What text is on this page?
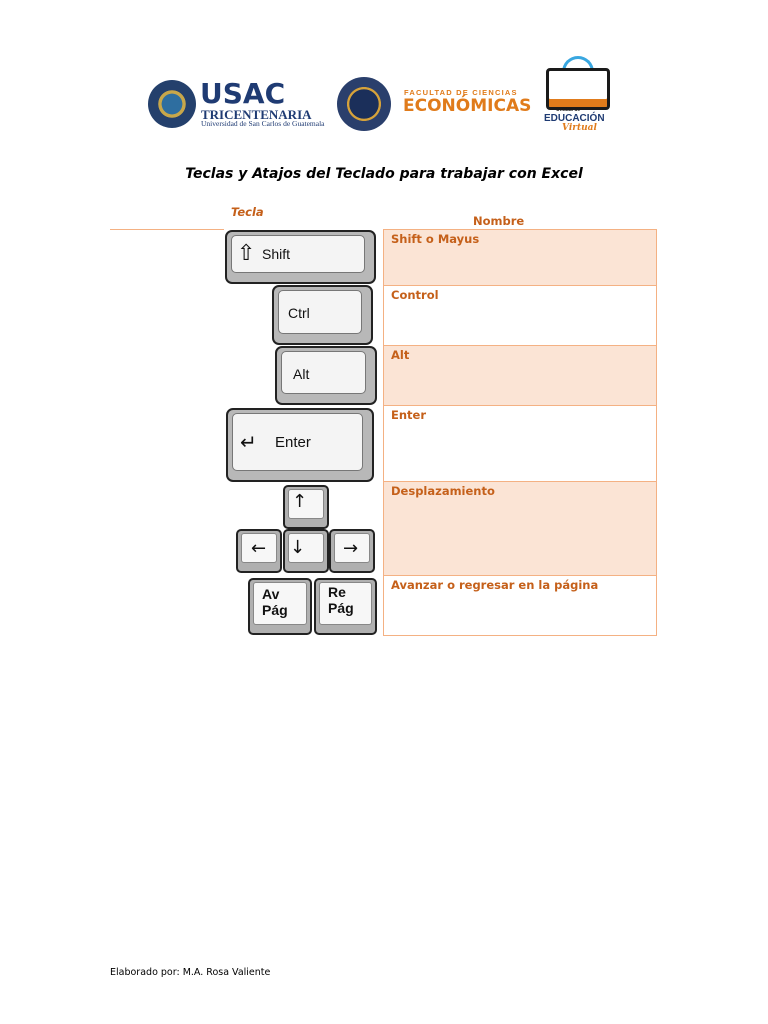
USAC
TRICENTENARIA
Universidad de San Carlos de Guatemala
FACULTAD DE CIENCIAS
ECONÓMICAS	Unidad de
EDUCACIÓN
Virtual
Teclas y Atajos del Teclado para trabajar con Excel
Tecla
Nombre
Shift o Mayus
Control
Alt
Enter
Desplazamiento
Avanzar o regresar en la página
⇧ Shift
Ctrl
Alt
↵ Enter
↑
← ↓ →
Av
Pág
Re
Pág
Elaborado por: M.A. Rosa Valiente
